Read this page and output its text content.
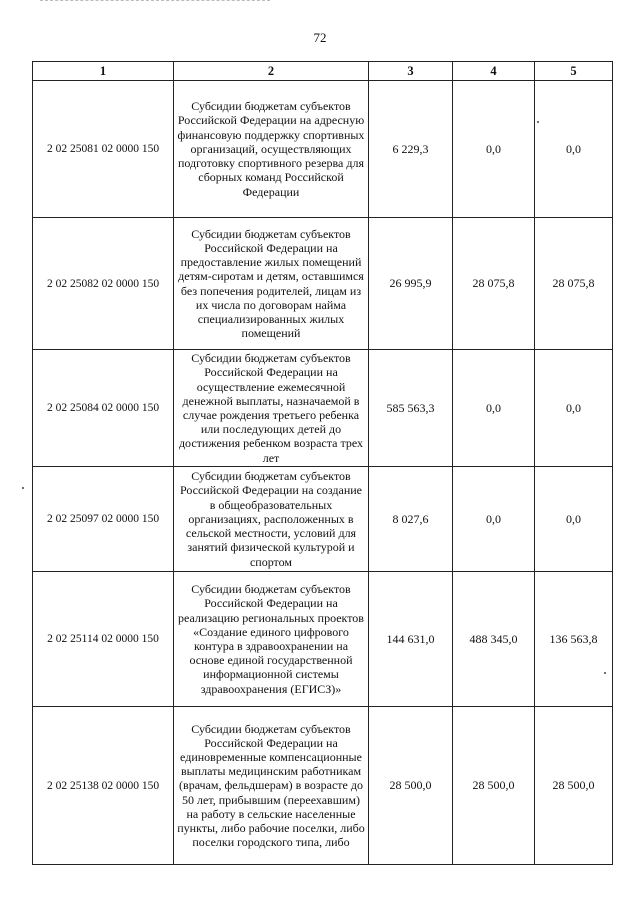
72
1	2	3	4	5
2 02 25081 02 0000 150	Субсидии бюджетам субъектов Российской Федерации на адресную финансовую поддержку спортивных организаций, осуществляющих подготовку спортивного резерва для сборных команд Российской Федерации	6 229,3	0,0	0,0
2 02 25082 02 0000 150	Субсидии бюджетам субъектов Российской Федерации на предоставление жилых помещений детям-сиротам и детям, оставшимся без попечения родителей, лицам из их числа по договорам найма специализированных жилых помещений	26 995,9	28 075,8	28 075,8
2 02 25084 02 0000 150	Субсидии бюджетам субъектов Российской Федерации на осуществление ежемесячной денежной выплаты, назначаемой в случае рождения третьего ребенка или последующих детей до достижения ребенком возраста трех лет	585 563,3	0,0	0,0
2 02 25097 02 0000 150	Субсидии бюджетам субъектов Российской Федерации на создание в общеобразовательных организациях, расположенных в сельской местности, условий для занятий физической культурой и спортом	8 027,6	0,0	0,0
2 02 25114 02 0000 150	Субсидии бюджетам субъектов Российской Федерации на реализацию региональных проектов «Создание единого цифрового контура в здравоохранении на основе единой государственной информационной системы здравоохранения (ЕГИСЗ)»	144 631,0	488 345,0	136 563,8
2 02 25138 02 0000 150	Субсидии бюджетам субъектов Российской Федерации на единовременные компенсационные выплаты медицинским работникам (врачам, фельдшерам) в возрасте до 50 лет, прибывшим (переехавшим) на работу в сельские населенные пункты, либо рабочие поселки, либо поселки городского типа, либо	28 500,0	28 500,0	28 500,0
